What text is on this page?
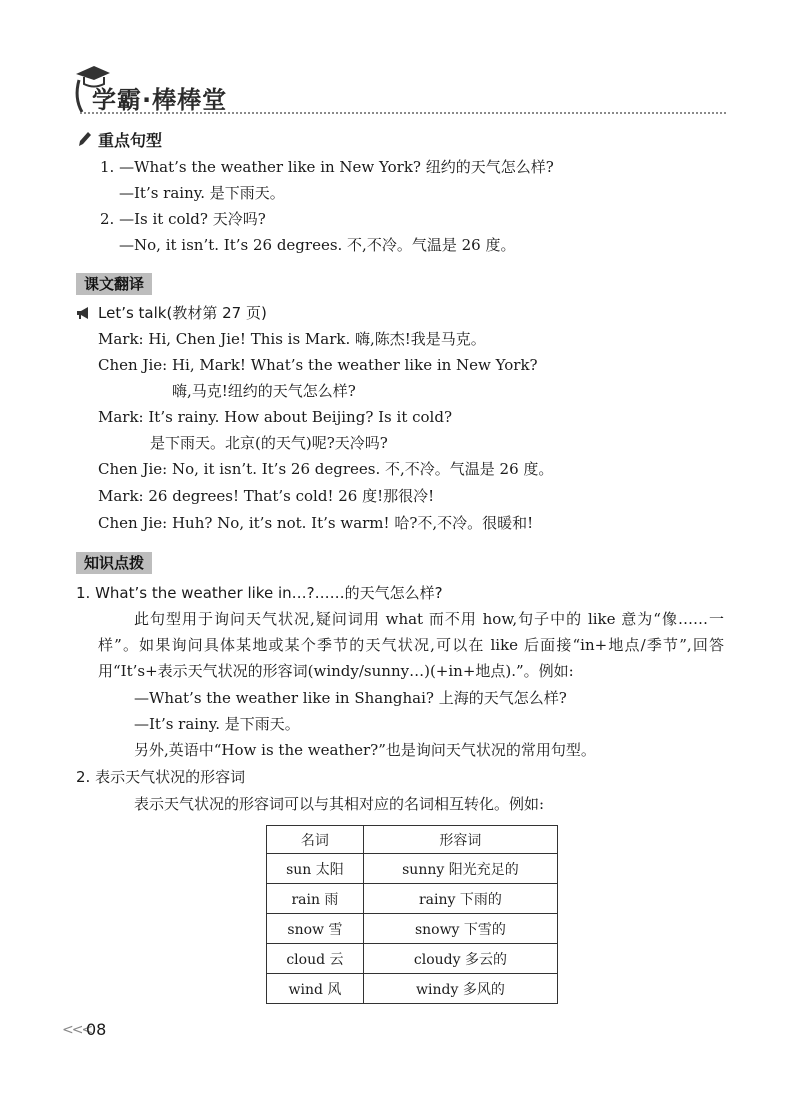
学霸·棒棒堂
重点句型
1. —What’s the weather like in New York? 纽约的天气怎么样?
—It’s rainy. 是下雨天。
2. —Is it cold? 天冷吗?
—No, it isn’t. It’s 26 degrees. 不,不冷。气温是 26 度。
课文翻译
Let’s talk(教材第 27 页)
Mark: Hi, Chen Jie! This is Mark. 嗨,陈杰!我是马克。
Chen Jie: Hi, Mark! What’s the weather like in New York?
嗨,马克!纽约的天气怎么样?
Mark: It’s rainy. How about Beijing? Is it cold?
是下雨天。北京(的天气)呢?天冷吗?
Chen Jie: No, it isn’t. It’s 26 degrees. 不,不冷。气温是 26 度。
Mark: 26 degrees! That’s cold! 26 度!那很冷!
Chen Jie: Huh? No, it’s not. It’s warm! 哈?不,不冷。很暖和!
知识点拨
1. What’s the weather like in…?……的天气怎么样?
此句型用于询问天气状况,疑问词用 what 而不用 how,句子中的 like 意为“像……一样”。如果询问具体某地或某个季节的天气状况,可以在 like 后面接“in+地点/季节”,回答用“It’s+表示天气状况的形容词(windy/sunny…)(+in+地点).”。例如:
—What’s the weather like in Shanghai? 上海的天气怎么样?
—It’s rainy. 是下雨天。
另外,英语中“How is the weather?”也是询问天气状况的常用句型。
2. 表示天气状况的形容词
表示天气状况的形容词可以与其相对应的名词相互转化。例如:
名词	形容词
sun 太阳	sunny 阳光充足的
rain 雨	rainy 下雨的
snow 雪	snowy 下雪的
cloud 云	cloudy 多云的
wind 风	windy 多风的
<<<
08
